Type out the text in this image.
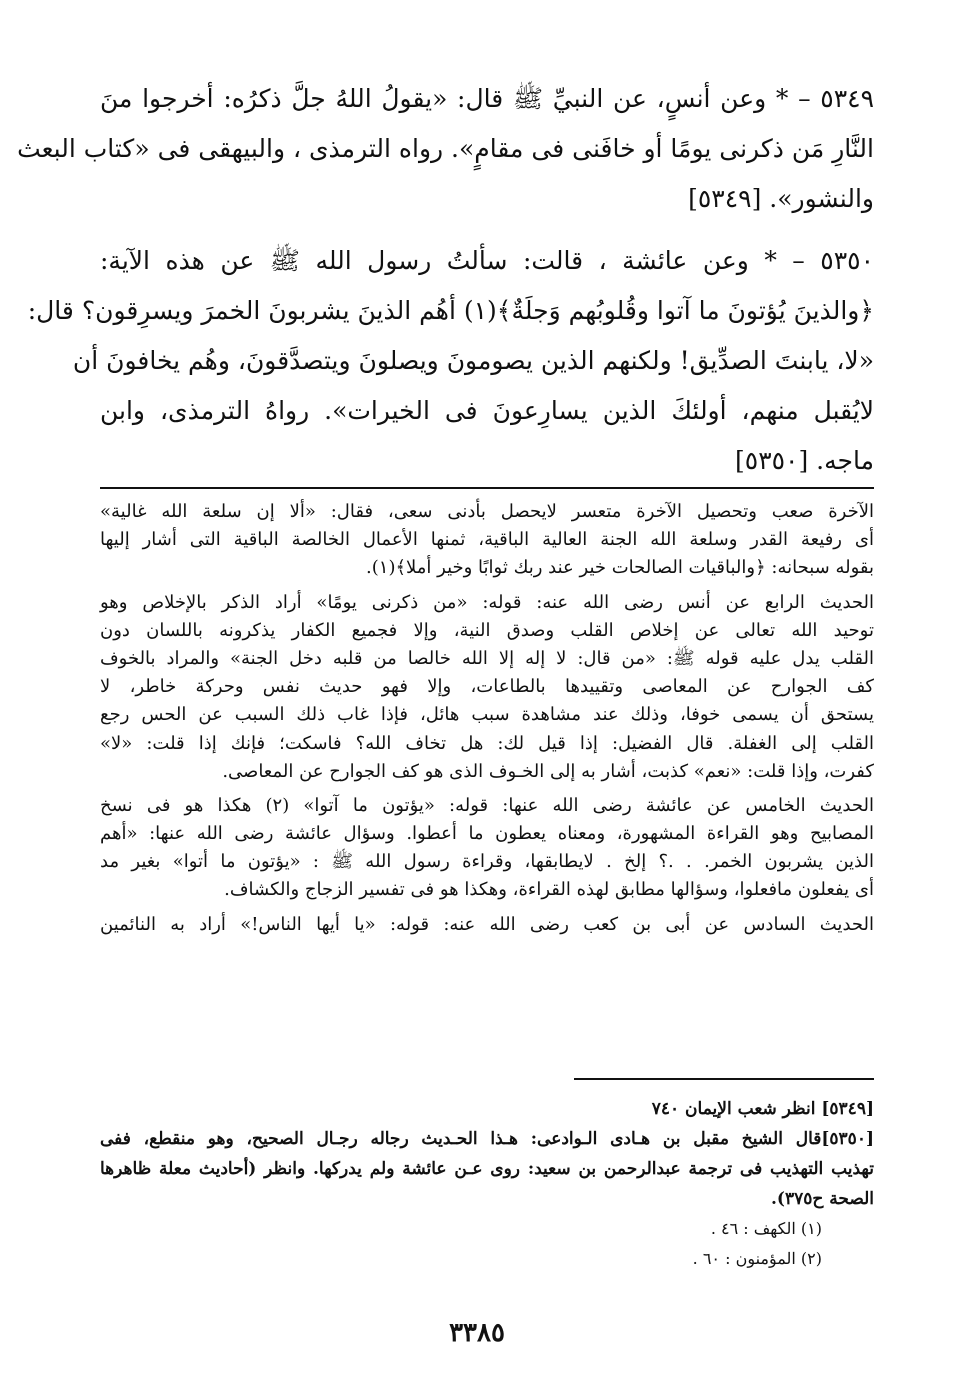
٥٣٤٩ – * وعن أنسٍ، عن النبيِّ ﷺ قال: «يقولُ اللهُ جلَّ ذكرُه: أخرجوا منَ
النَّارِ مَن ذكرنى يومًا أو خافَنى فى مقامٍ». رواه الترمذى ، والبيهقى فى «كتاب البعث
والنشور». [٥٣٤٩]
٥٣٥٠ – * وعن عائشة ، قالت: سألتُ رسول الله ﷺ عن هذه الآية:
﴿والذينَ يُؤتونَ ما آتوا وقُلوبُهم وَجلَةٌ﴾(١) أهُم الذينَ يشربونَ الخمرَ ويسرِقون؟ قال:
«لا، يابنتَ الصدِّيق! ولكنهم الذين يصومونَ ويصلونَ ويتصدَّقونَ، وهُم يخافونَ أن
لايُقبل منهم، أولئكَ الذين يسارِعونَ فى الخيرات». رواهُ الترمذى، وابن
ماجه. [٥٣٥٠]
الآخرة صعب وتحصيل الآخرة متعسر لايحصل بأدنى سعى، فقال: «ألا إن سلعة الله غالية»
أى رفيعة القدر وسلعة الله الجنة العالية الباقية، ثمنها الأعمال الخالصة الباقية التى أشار إليها
بقوله سبحانه: ﴿والباقيات الصالحات خير عند ربك ثوابًا وخير أملا﴾(١).
الحديث الرابع عن أنس رضى الله عنه: قوله: «من ذكرنى يومًا» أراد الذكر بالإخلاص وهو
توحيد الله تعالى عن إخلاص القلب وصدق النية، وإلا فجميع الكفار يذكرونه باللسان دون
القلب يدل عليه قوله ﷺ: «من قال: لا إله إلا الله خالصا من قلبه دخل الجنة» والمراد بالخوف
كف الجوارح عن المعاصى وتقييدها بالطاعات، وإلا فهو حديث نفس وحركة خاطر، لا
يستحق أن يسمى خوفا، وذلك عند مشاهدة سبب هائل، فإذا غاب ذلك السبب عن الحس رجع
القلب إلى الغفلة. قال الفضيل: إذا قيل لك: هل تخاف الله؟ فاسكت؛ فإنك إذا قلت: «لا»
كفرت، وإذا قلت: «نعم» كذبت، أشار به إلى الخـوف الذى هو كف الجوارح عن المعاصى.
الحديث الخامس عن عائشة رضى الله عنها: قوله: «يؤتون ما آتوا» (٢) هكذا هو فى نسخ
المصابيح وهو القراءة المشهورة، ومعناه يعطون ما أعطوا. وسؤال عائشة رضى الله عنها: «أهم
الذين يشربون الخمر. . .؟ إلخ . لايطابقها، وقراءة رسول الله ﷺ : «يؤتون ما أتوا» بغير مد
أى يفعلون مافعلوا، وسؤالها مطابق لهذه القراءة، وهكذا هو فى تفسير الزجاج والكشاف.
الحديث السادس عن أبى بن كعب رضى الله عنه: قوله: «يا أيها الناس!» أراد به النائمين
[٥٣٤٩] انظر شعب الإيمان ٧٤٠
[٥٣٥٠]قال الشيخ مقبل بن هـادى الـوادعى: هـذا الحـديث رجاله رجـال الصحيح، وهو منقطع، ففى
تهذيب التهذيب فى ترجمة عبدالرحمن بن سعيد: روى عـن عائشة ولم يدركها. وانظر (أحاديث معلة ظاهرها
الصحة ح٣٧٥).
(١) الكهف : ٤٦ .
(٢) المؤمنون : ٦٠ .
٣٣٨٥
